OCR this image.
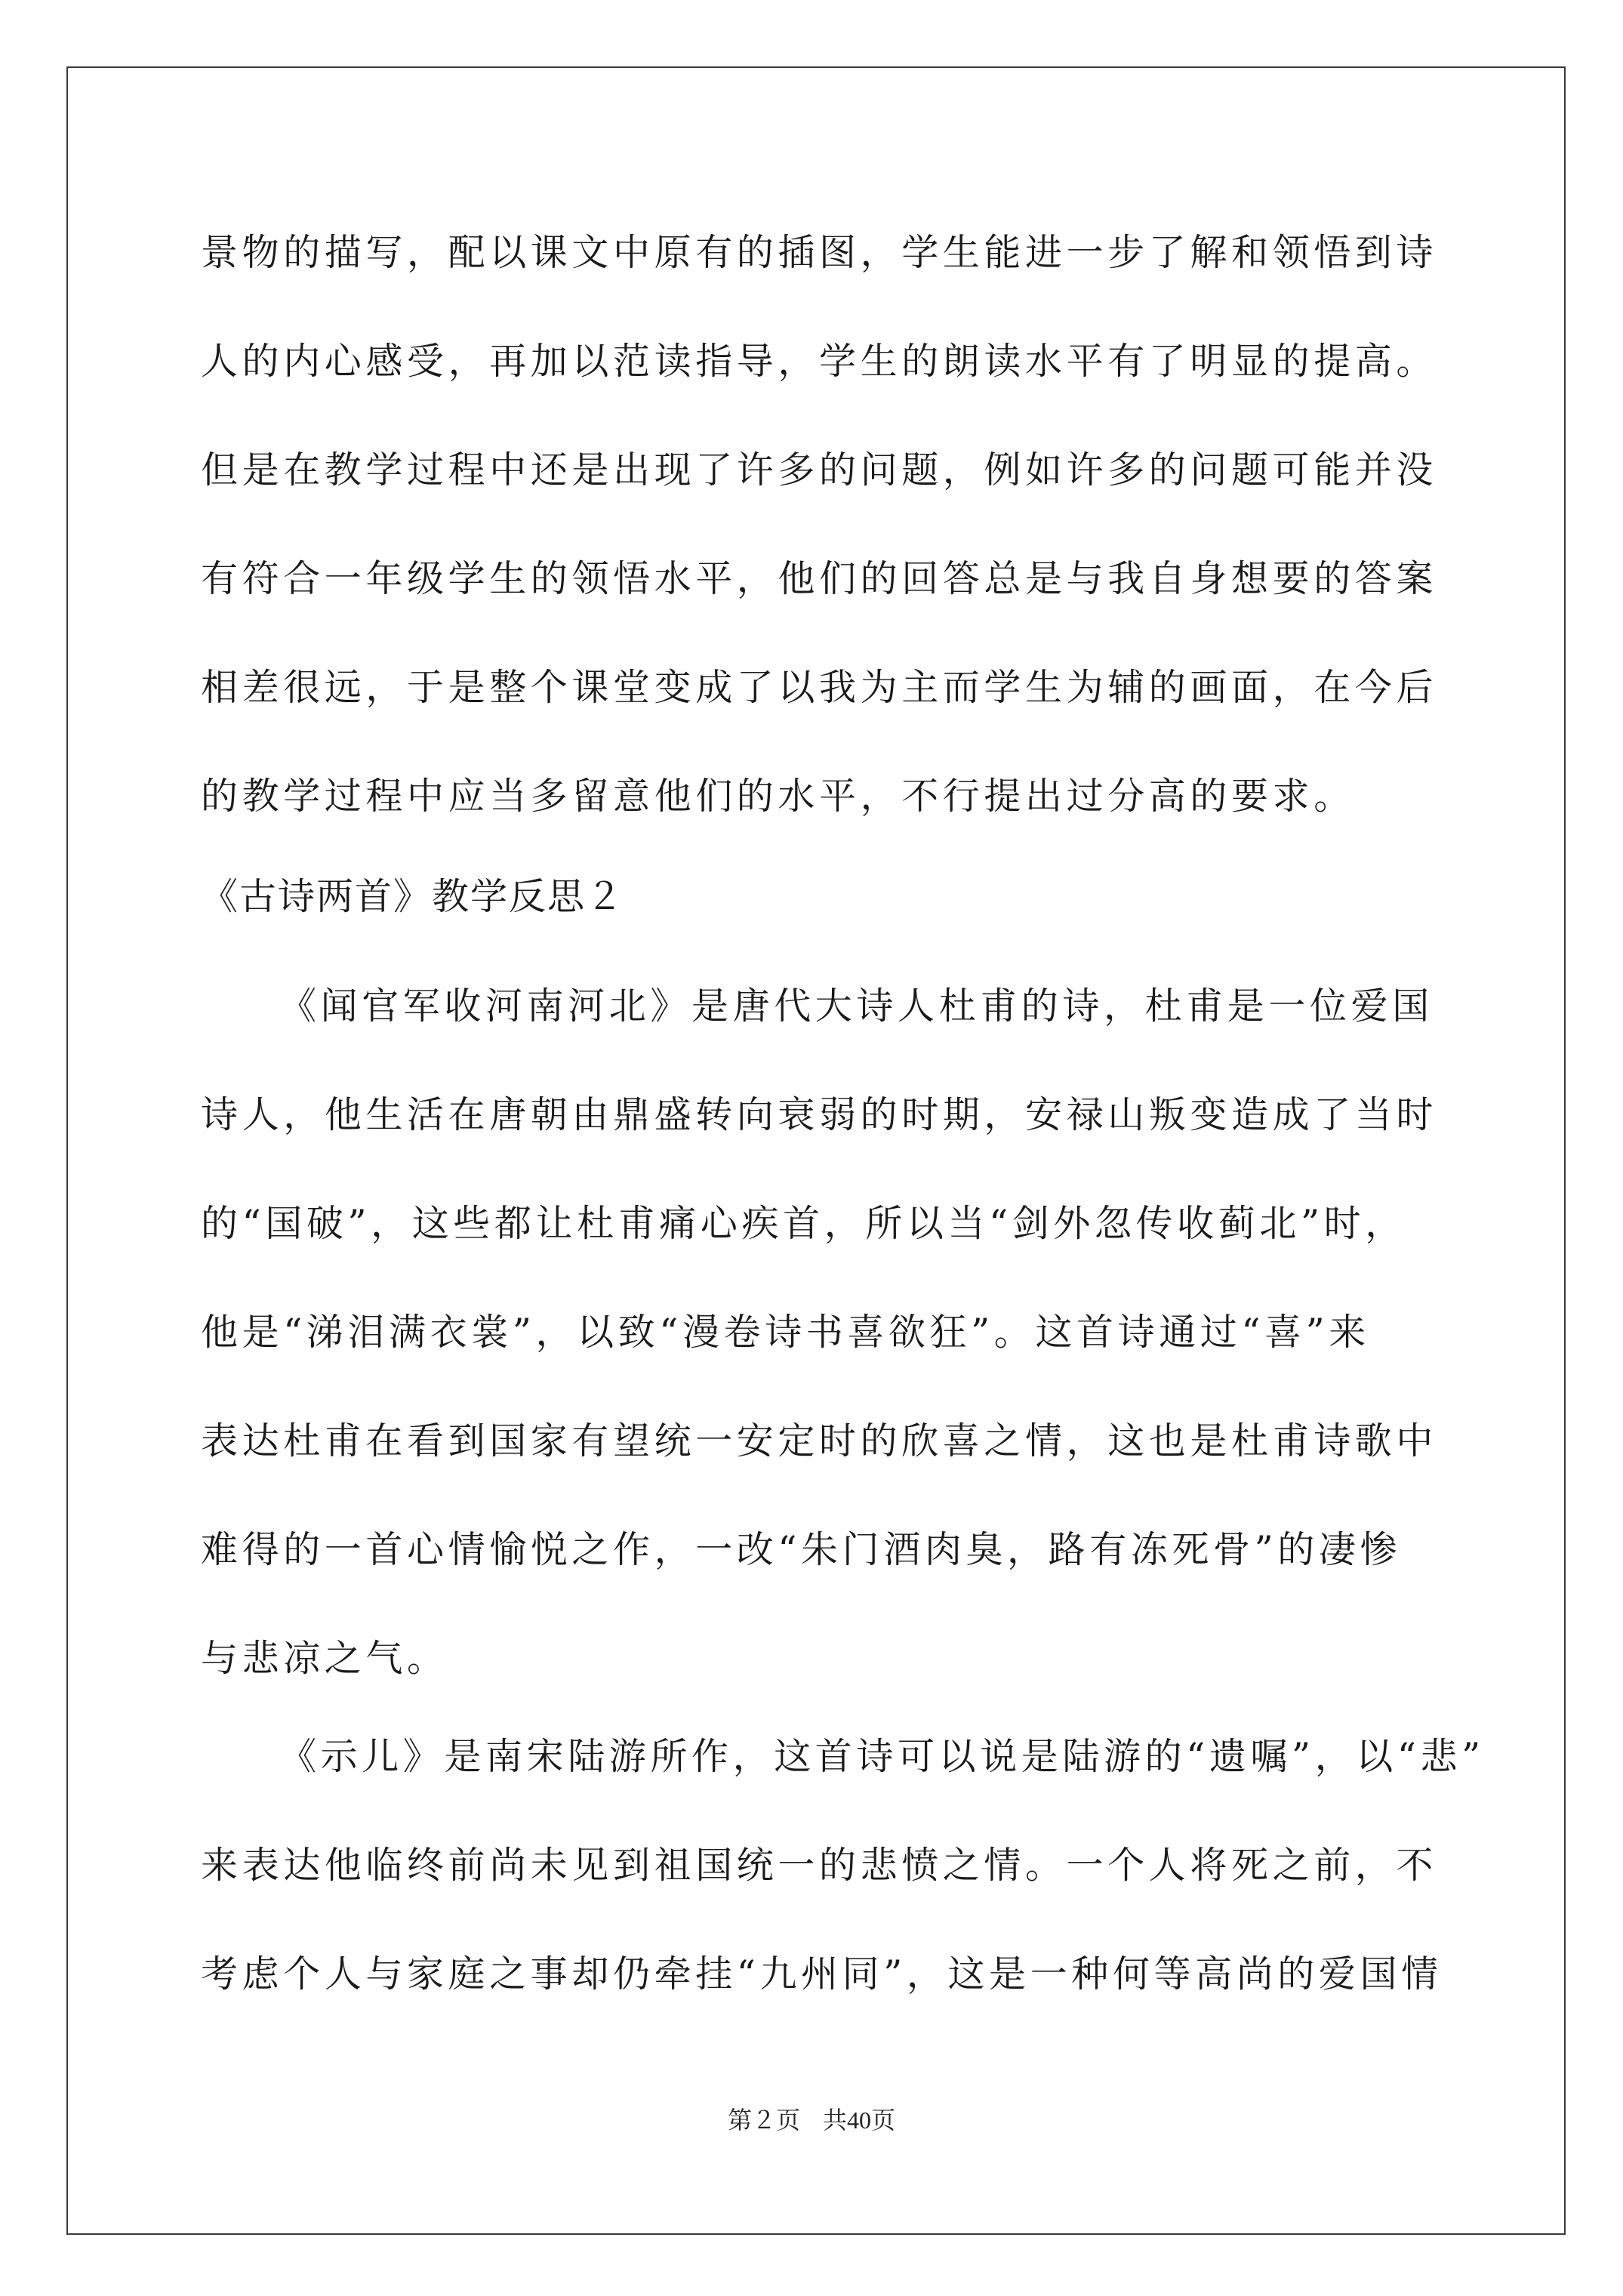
景物的描写，配以课文中原有的插图，学生能进一步了解和领悟到诗
人的内心感受，再加以范读指导，学生的朗读水平有了明显的提高。
但是在教学过程中还是出现了许多的问题，例如许多的问题可能并没
有符合一年级学生的领悟水平，他们的回答总是与我自身想要的答案
相差很远，于是整个课堂变成了以我为主而学生为辅的画面，在今后
的教学过程中应当多留意他们的水平，不行提出过分高的要求。
《古诗两首》教学反思２
《闻官军收河南河北》是唐代大诗人杜甫的诗，杜甫是一位爱国
诗人，他生活在唐朝由鼎盛转向衰弱的时期，安禄山叛变造成了当时
的“国破”，这些都让杜甫痛心疾首，所以当“剑外忽传收蓟北”时，
他是“涕泪满衣裳”，以致“漫卷诗书喜欲狂”。这首诗通过“喜”来
表达杜甫在看到国家有望统一安定时的欣喜之情，这也是杜甫诗歌中
难得的一首心情愉悦之作，一改“朱门酒肉臭，路有冻死骨”的凄惨
与悲凉之气。
《示儿》是南宋陆游所作，这首诗可以说是陆游的“遗嘱”，以“悲”
来表达他临终前尚未见到祖国统一的悲愤之情。一个人将死之前，不
考虑个人与家庭之事却仍牵挂“九州同”，这是一种何等高尚的爱国情
第２页 共40页
